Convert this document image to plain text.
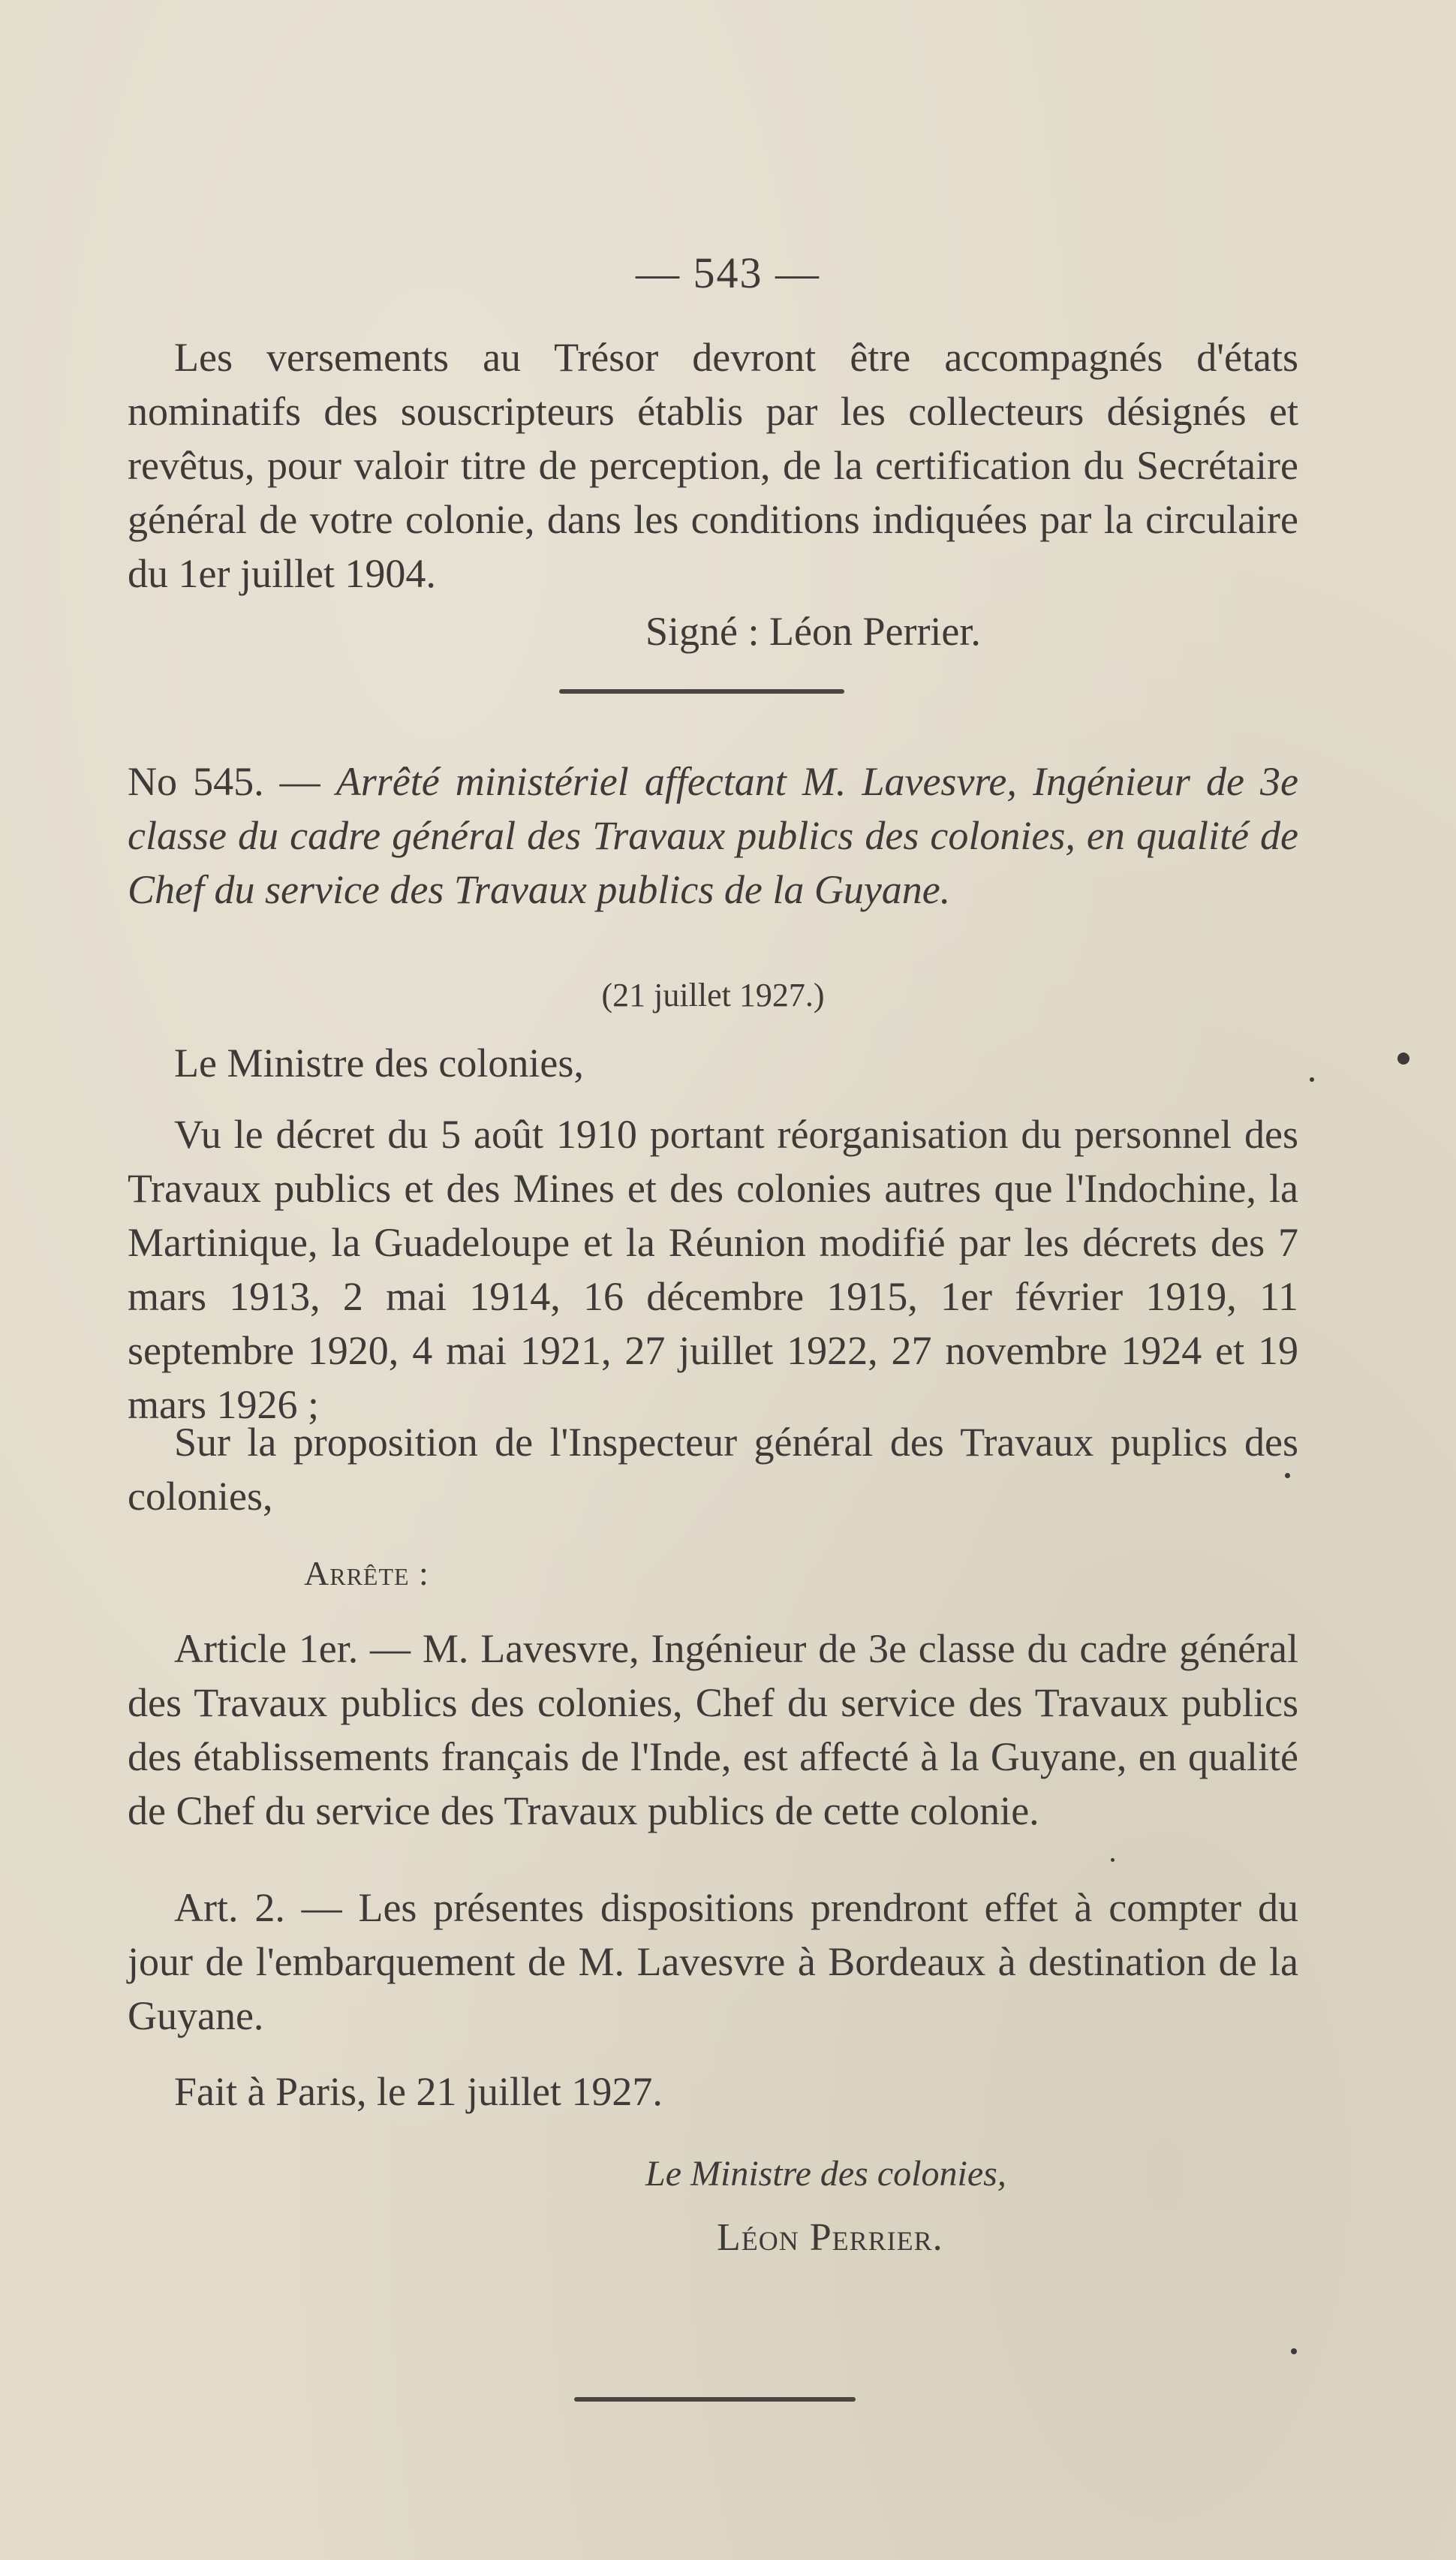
— 543 —
Les versements au Trésor devront être accompagnés d'états nominatifs des souscripteurs établis par les collecteurs désignés et revêtus, pour valoir titre de perception, de la certification du Secrétaire général de votre colonie, dans les conditions indiquées par la circulaire du 1er juillet 1904.
Signé : Léon Perrier.
No 545. — Arrêté ministériel affectant M. Lavesvre, Ingénieur de 3e classe du cadre général des Travaux publics des colonies, en qualité de Chef du service des Travaux publics de la Guyane.
(21 juillet 1927.)
Le Ministre des colonies,
Vu le décret du 5 août 1910 portant réorganisation du personnel des Travaux publics et des Mines et des colonies autres que l'Indochine, la Martinique, la Guadeloupe et la Réunion modifié par les décrets des 7 mars 1913, 2 mai 1914, 16 décembre 1915, 1er février 1919, 11 septembre 1920, 4 mai 1921, 27 juillet 1922, 27 novembre 1924 et 19 mars 1926 ;
Sur la proposition de l'Inspecteur général des Travaux puplics des colonies,
Arrête :
Article 1er. — M. Lavesvre, Ingénieur de 3e classe du cadre général des Travaux publics des colonies, Chef du service des Travaux publics des établissements français de l'Inde, est affecté à la Guyane, en qualité de Chef du service des Travaux publics de cette colonie.
Art. 2. — Les présentes dispositions prendront effet à compter du jour de l'embarquement de M. Lavesvre à Bordeaux à destination de la Guyane.
Fait à Paris, le 21 juillet 1927.
Le Ministre des colonies,
Léon Perrier.
